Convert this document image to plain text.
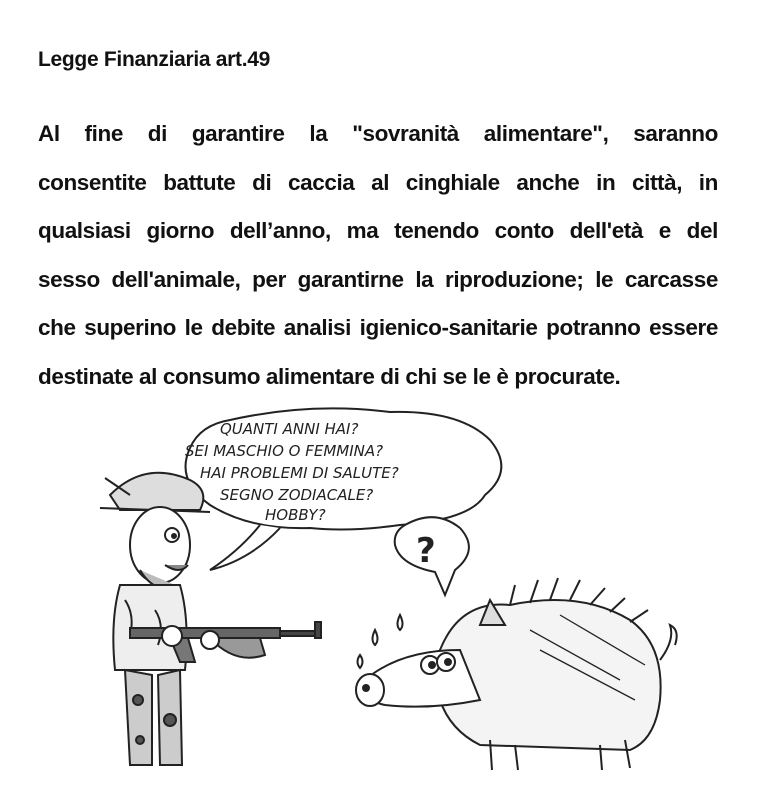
Legge Finanziaria art.49
Al fine di garantire la "sovranità alimentare", saranno
consentite battute di caccia al cinghiale anche in città, in
qualsiasi giorno dell’anno, ma tenendo conto dell'età e del
sesso dell'animale, per garantirne la riproduzione; le carcasse
che superino le debite analisi igienico-sanitarie potranno essere
destinate al consumo alimentare di chi se le è procurate.
QUANTI ANNI HAI?
SEI MASCHIO O FEMMINA?
HAI PROBLEMI DI SALUTE?
SEGNO ZODIACALE?
HOBBY?
?
